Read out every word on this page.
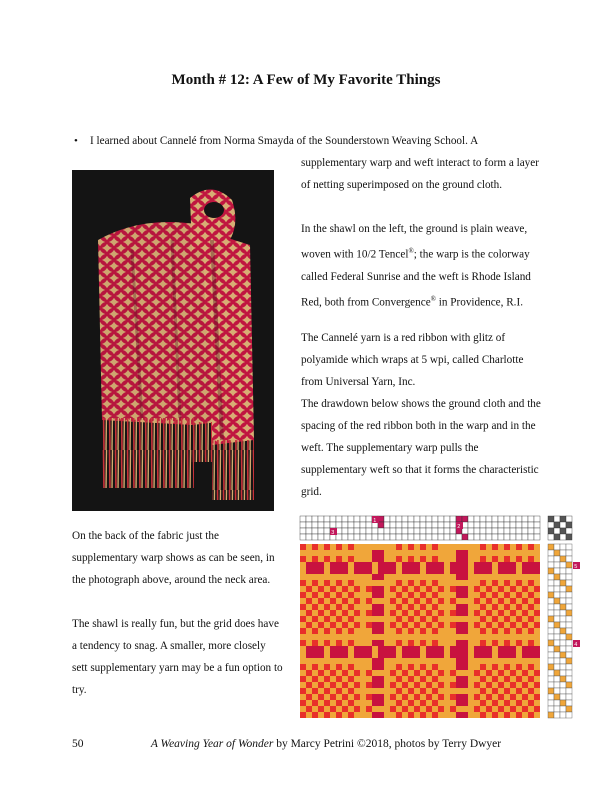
Month # 12: A Few of My Favorite Things
• I learned about Cannelé from Norma Smayda of the Sounderstown Weaving School. A

supplementary warp and weft interact to form a layer of netting superimposed on the ground cloth.

In the shawl on the left, the ground is plain weave, woven with 10/2 Tencel®; the warp is the colorway called Federal Sunrise and the weft is Rhode Island Red, both from Convergence® in Providence, R.I.

The Cannelé yarn is a red ribbon with glitz of polyamide which wraps at 5 wpi, called Charlotte from Universal Yarn, Inc.

The drawdown below shows the ground cloth and the spacing of the red ribbon both in the warp and in the weft. The supplementary warp pulls the supplementary weft so that it forms the characteristic grid.

On the back of the fabric just the supplementary warp shows as can be seen, in the photograph above, around the neck area.

The shawl is really fun, but the grid does have a tendency to snag. A smaller, more closely sett supplementary yarn may be a fun option to try.

1
2
3
4
5
50	A Weaving Year of Wonder by Marcy Petrini ©2018, photos by Terry Dwyer
